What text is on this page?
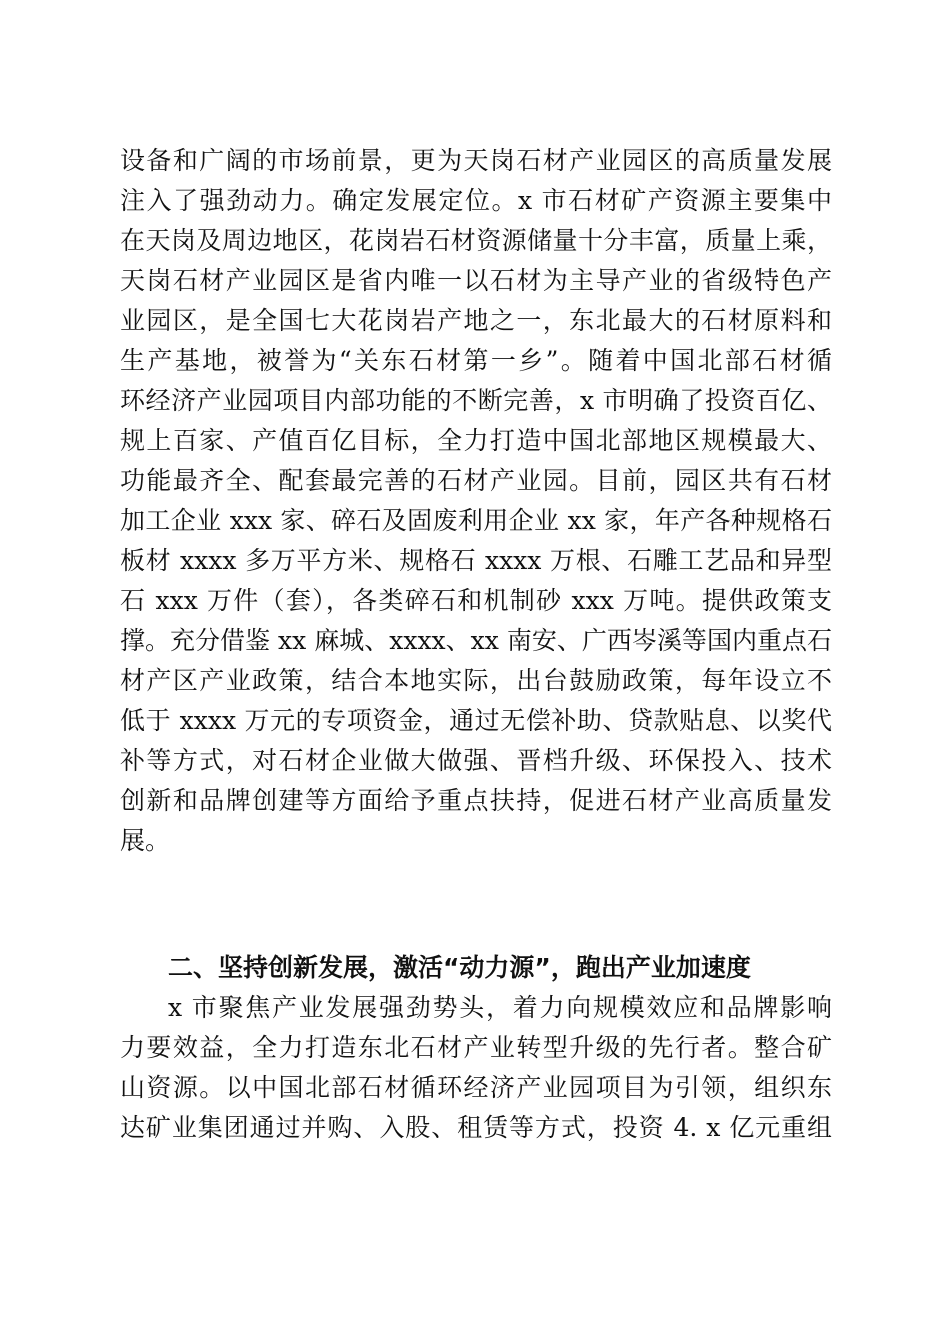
设备和广阔的市场前景，更为天岗石材产业园区的高质量发展
注入了强劲动力。确定发展定位。x 市石材矿产资源主要集中
在天岗及周边地区，花岗岩石材资源储量十分丰富，质量上乘，
天岗石材产业园区是省内唯一以石材为主导产业的省级特色产
业园区，是全国七大花岗岩产地之一，东北最大的石材原料和
生产基地，被誉为“关东石材第一乡”。随着中国北部石材循
环经济产业园项目内部功能的不断完善，x 市明确了投资百亿、
规上百家、产值百亿目标，全力打造中国北部地区规模最大、
功能最齐全、配套最完善的石材产业园。目前，园区共有石材
加工企业 xxx 家、碎石及固废利用企业 xx 家，年产各种规格石
板材 xxxx 多万平方米、规格石 xxxx 万根、石雕工艺品和异型
石 xxx 万件（套），各类碎石和机制砂 xxx 万吨。提供政策支
撑。充分借鉴 xx 麻城、xxxx、xx 南安、广西岑溪等国内重点石
材产区产业政策，结合本地实际，出台鼓励政策，每年设立不
低于 xxxx 万元的专项资金，通过无偿补助、贷款贴息、以奖代
补等方式，对石材企业做大做强、晋档升级、环保投入、技术
创新和品牌创建等方面给予重点扶持，促进石材产业高质量发
展。
二、坚持创新发展，激活“动力源”，跑出产业加速度
x 市聚焦产业发展强劲势头，着力向规模效应和品牌影响
力要效益，全力打造东北石材产业转型升级的先行者。整合矿
山资源。以中国北部石材循环经济产业园项目为引领，组织东
达矿业集团通过并购、入股、租赁等方式，投资 4. x 亿元重组
